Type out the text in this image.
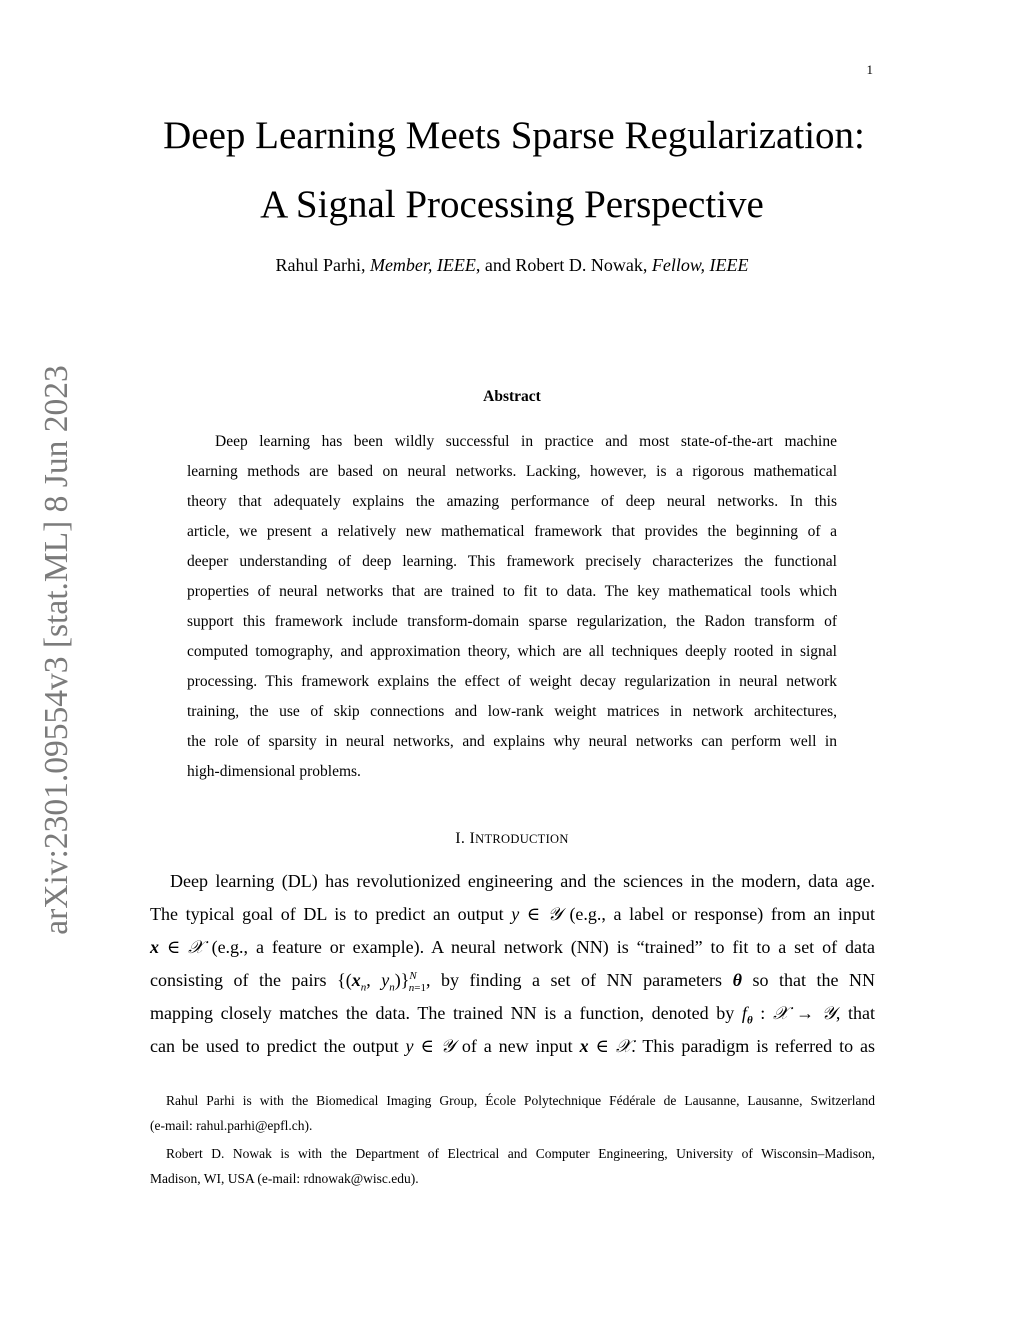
1
arXiv:2301.09554v3 [stat.ML] 8 Jun 2023
Deep Learning Meets Sparse Regularization:
A Signal Processing Perspective
Rahul Parhi, Member, IEEE, and Robert D. Nowak, Fellow, IEEE
Abstract
Deep learning has been wildly successful in practice and most state-of-the-art machine
learning methods are based on neural networks. Lacking, however, is a rigorous mathematical
theory that adequately explains the amazing performance of deep neural networks. In this
article, we present a relatively new mathematical framework that provides the beginning of a
deeper understanding of deep learning. This framework precisely characterizes the functional
properties of neural networks that are trained to fit to data. The key mathematical tools which
support this framework include transform-domain sparse regularization, the Radon transform of
computed tomography, and approximation theory, which are all techniques deeply rooted in signal
processing. This framework explains the effect of weight decay regularization in neural network
training, the use of skip connections and low-rank weight matrices in network architectures,
the role of sparsity in neural networks, and explains why neural networks can perform well in
high-dimensional problems.
I. INTRODUCTION
Deep learning (DL) has revolutionized engineering and the sciences in the modern, data age.
The typical goal of DL is to predict an output y ∈ 𝒴 (e.g., a label or response) from an input
x ∈ 𝒳 (e.g., a feature or example). A neural network (NN) is “trained” to fit to a set of data
consisting of the pairs {($x_n$, $y_n)\}^N_{n=1}$, by finding a set of NN parameters θ so that the NN
mapping closely matches the data. The trained NN is a function, denoted by $f_\theta$ : 𝒳 → 𝒴, that
can be used to predict the output y ∈ 𝒴 of a new input x ∈ 𝒳. This paradigm is referred to as
Rahul Parhi is with the Biomedical Imaging Group, École Polytechnique Fédérale de Lausanne, Lausanne, Switzerland
(e-mail: rahul.parhi@epfl.ch).
Robert D. Nowak is with the Department of Electrical and Computer Engineering, University of Wisconsin–Madison,
Madison, WI, USA (e-mail: rdnowak@wisc.edu).
